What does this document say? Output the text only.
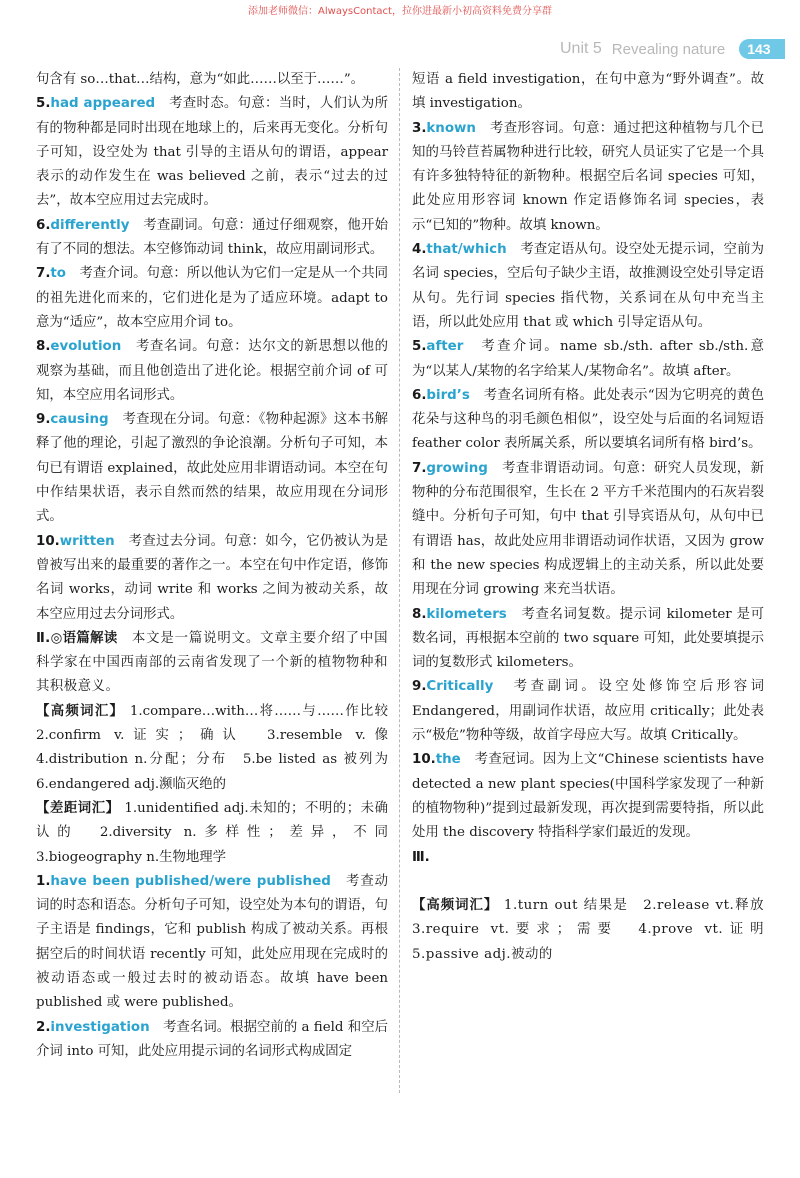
添加老师微信：AlwaysContact，拉你进最新小初高资料免费分享群
Unit 5 Revealing nature	143

句含有 so…that…结构，意为“如此……以至于……”。

5.had appeared　考查时态。句意：当时，人们认为所有的物种都是同时出现在地球上的，后来再无变化。分析句子可知，设空处为 that 引导的主语从句的谓语，appear 表示的动作发生在 was believed 之前，表示“过去的过去”，故本空应用过去完成时。

6.differently　考查副词。句意：通过仔细观察，他开始有了不同的想法。本空修饰动词 think，故应用副词形式。

7.to　考查介词。句意：所以他认为它们一定是从一个共同的祖先进化而来的，它们进化是为了适应环境。adapt to 意为“适应”，故本空应用介词 to。

8.evolution　考查名词。句意：达尔文的新思想以他的观察为基础，而且他创造出了进化论。根据空前介词 of 可知，本空应用名词形式。

9.causing　考查现在分词。句意：《物种起源》这本书解释了他的理论，引起了激烈的争论浪潮。分析句子可知，本句已有谓语 explained，故此处应用非谓语动词。本空在句中作结果状语，表示自然而然的结果，故应用现在分词形式。

10.written　考查过去分词。句意：如今，它仍被认为是曾被写出来的最重要的著作之一。本空在句中作定语，修饰名词 works，动词 write 和 works 之间为被动关系，故本空应用过去分词形式。

Ⅱ.◎语篇解读　本文是一篇说明文。文章主要介绍了中国科学家在中国西南部的云南省发现了一个新的植物物种和其积极意义。

【高频词汇】 1.compare…with…将……与……作比较　2.confirm v.证实；确认　3.resemble v.像　4.distribution n.分配；分布　5.be listed as 被列为　6.endangered adj.濒临灭绝的

【差距词汇】 1.unidentified adj.未知的；不明的；未确认的　2.diversity n.多样性；差异，不同　3.biogeography n.生物地理学

1.have been published/were published　考查动词的时态和语态。分析句子可知，设空处为本句的谓语，句子主语是 findings，它和 publish 构成了被动关系。再根据空后的时间状语 recently 可知，此处应用现在完成时的被动语态或一般过去时的被动语态。故填 have been published 或 were published。

2.investigation　考查名词。根据空前的 a field 和空后介词 into 可知，此处应用提示词的名词形式构成固定

短语 a field investigation，在句中意为“野外调查”。故填 investigation。

3.known　考查形容词。句意：通过把这种植物与几个已知的马铃苣苔属物种进行比较，研究人员证实了它是一个具有许多独特特征的新物种。根据空后名词 species 可知，此处应用形容词 known 作定语修饰名词 species，表示“已知的”物种。故填 known。

4.that/which　考查定语从句。设空处无提示词，空前为名词 species，空后句子缺少主语，故推测设空处引导定语从句。先行词 species 指代物，关系词在从句中充当主语，所以此处应用 that 或 which 引导定语从句。

5.after　考查介词。name sb./sth. after sb./sth.意为“以某人/某物的名字给某人/某物命名”。故填 after。

6.bird’s　考查名词所有格。此处表示“因为它明亮的黄色花朵与这种鸟的羽毛颜色相似”，设空处与后面的名词短语 feather color 表所属关系，所以要填名词所有格 bird’s。

7.growing　考查非谓语动词。句意：研究人员发现，新物种的分布范围很窄，生长在 2 平方千米范围内的石灰岩裂缝中。分析句子可知，句中 that 引导宾语从句，从句中已有谓语 has，故此处应用非谓语动词作状语，又因为 grow 和 the new species 构成逻辑上的主动关系，所以此处要用现在分词 growing 来充当状语。

8.kilometers　考查名词复数。提示词 kilometer 是可数名词，再根据本空前的 two square 可知，此处要填提示词的复数形式 kilometers。

9.Critically　考查副词。设空处修饰空后形容词 Endangered，用副词作状语，故应用 critically；此处表示“极危”物种等级，故首字母应大写。故填 Critically。

10.the　考查冠词。因为上文“Chinese scientists have detected a new plant species(中国科学家发现了一种新的植物物种)”提到过最新发现，再次提到需要特指，所以此处用 the discovery 特指科学家们最近的发现。

Ⅲ.

【高频词汇】 1.turn out 结果是　2.release vt.释放　3.require vt.要求；需要　4.prove vt.证明　5.passive adj.被动的
